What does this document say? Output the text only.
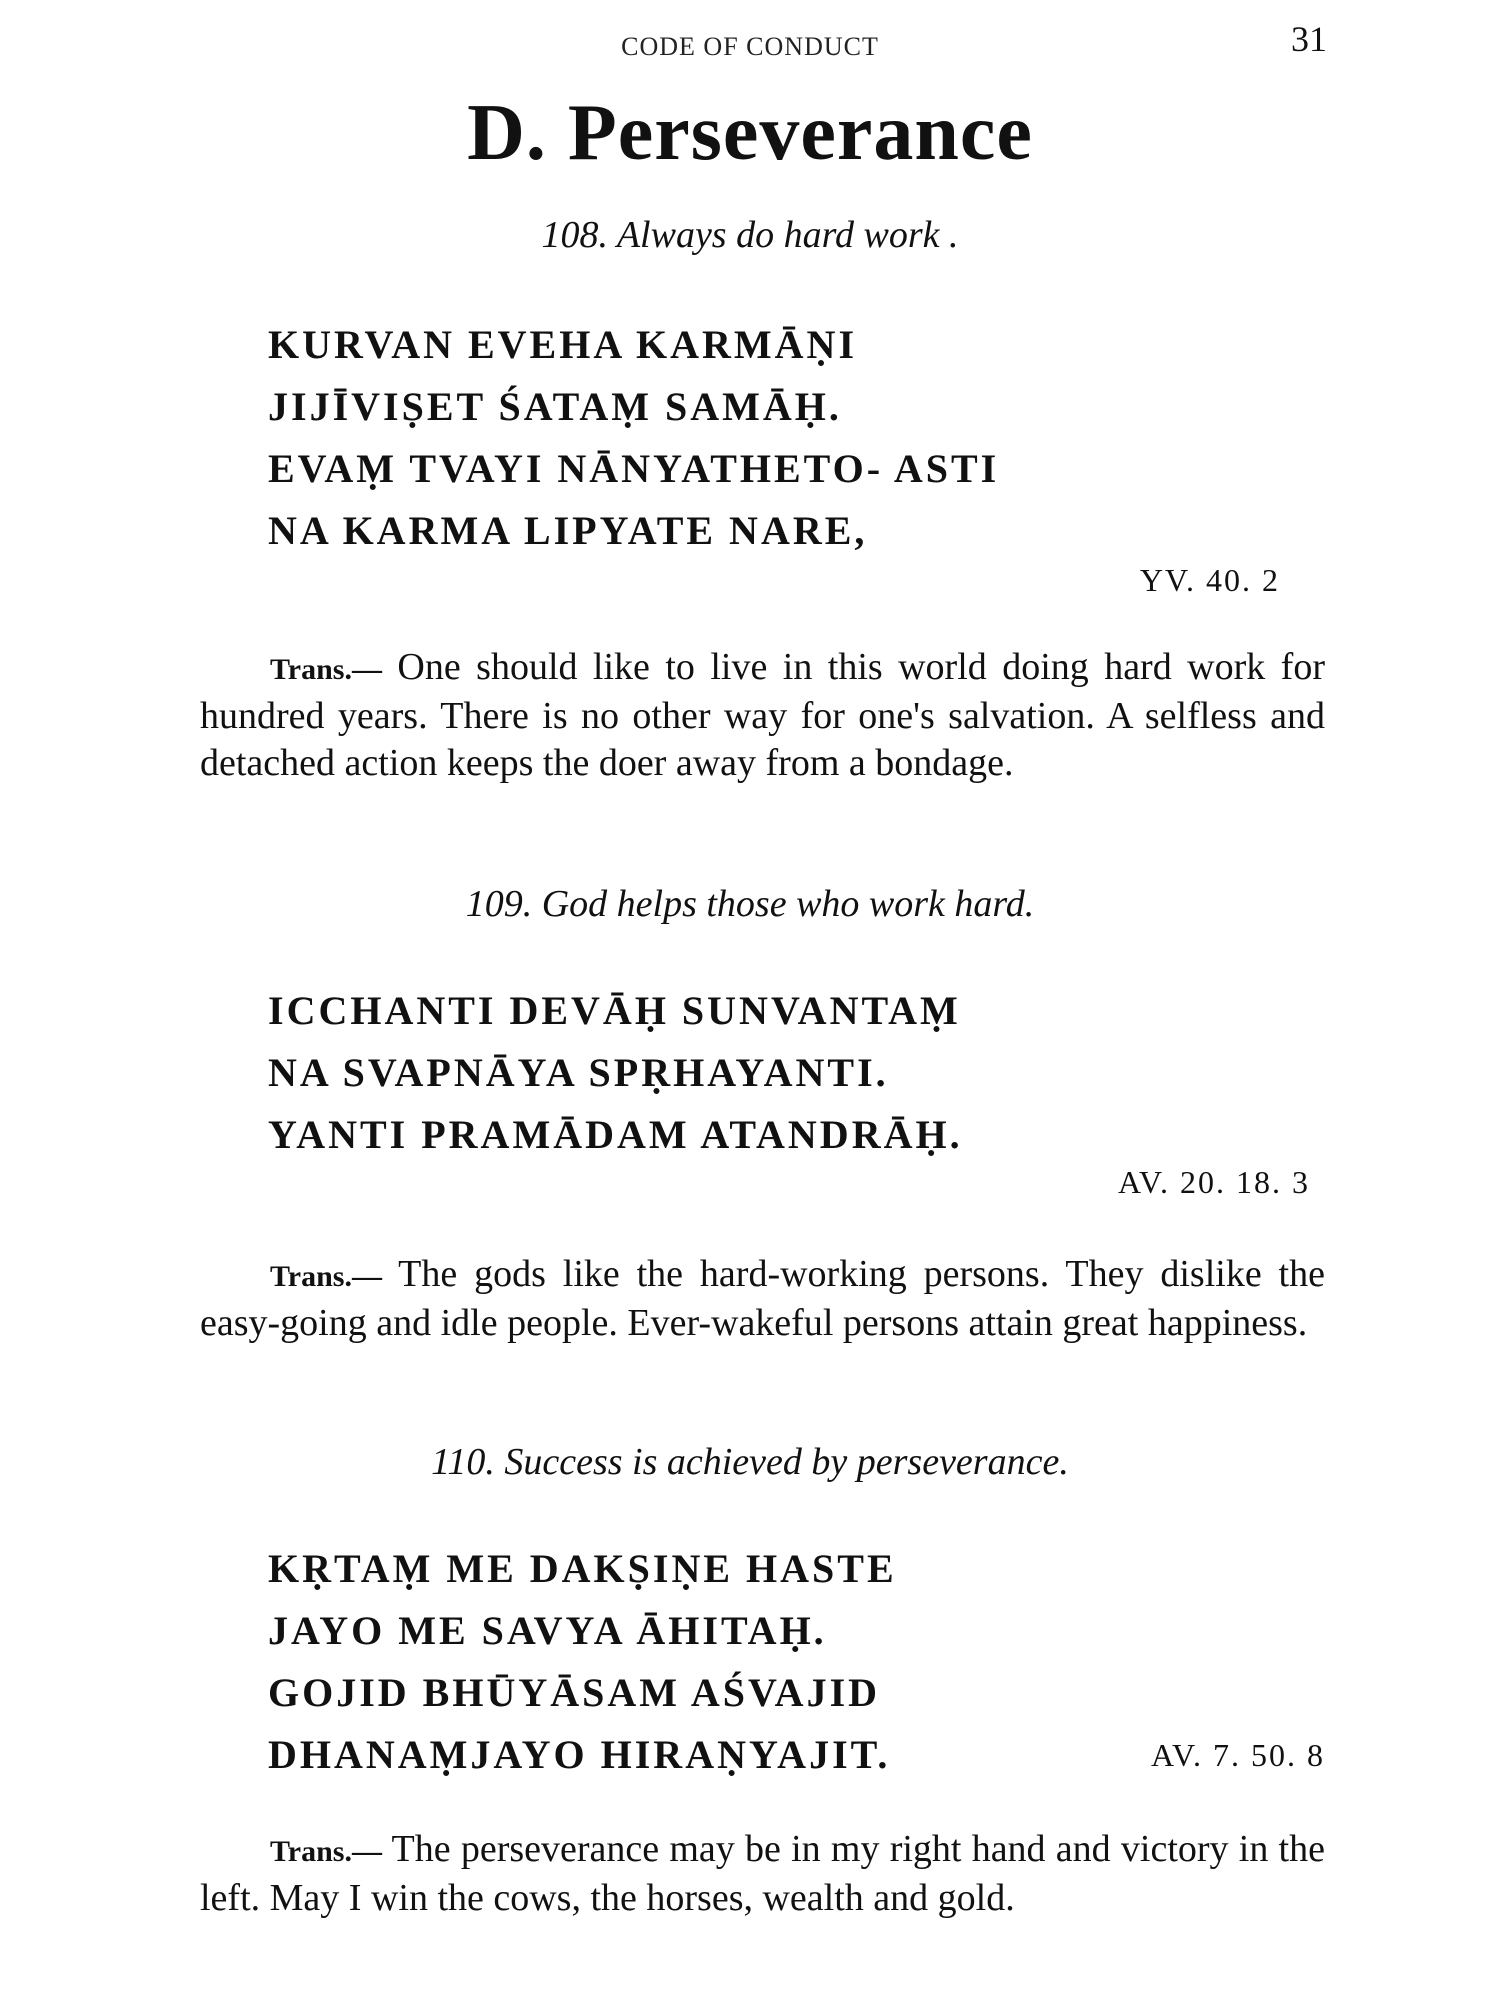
CODE OF CONDUCT	31
D. Perseverance
108. Always do hard work .
KURVAN EVEHA KARMĀṆI
JIJĪVIṢET ŚATAṂ SAMĀḤ.
EVAṂ TVAYI NĀNYATHETO- ASTI
NA KARMA LIPYATE NARE,
YV. 40. 2
Trans.— One should like to live in this world doing hard work for hundred years. There is no other way for one's salvation. A selfless and detached action keeps the doer away from a bondage.
109. God helps those who work hard.
ICCHANTI DEVĀḤ SUNVANTAṂ
NA SVAPNĀYA SPṚHAYANTI.
YANTI PRAMĀDAM ATANDRĀḤ.
AV. 20. 18. 3
Trans.— The gods like the hard-working persons. They dislike the easy-going and idle people. Ever-wakeful persons attain great happiness.
110. Success is achieved by perseverance.
KṚTAṂ ME DAKṢIṆE HASTE
JAYO ME SAVYA ĀHITAḤ.
GOJID BHŪYĀSAM AŚVAJID
DHANAṂJAYO HIRAṆYAJIT.	AV. 7. 50. 8
Trans.— The perseverance may be in my right hand and victory in the left. May I win the cows, the horses, wealth and gold.
